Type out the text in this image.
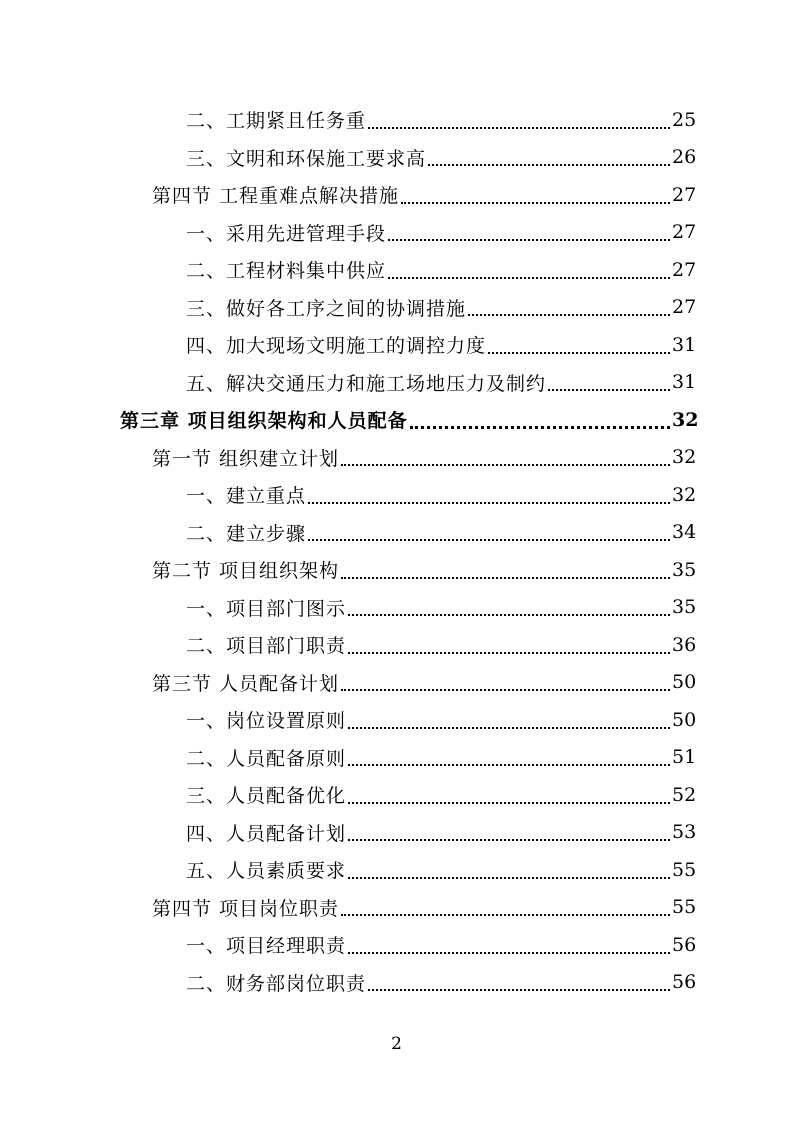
二、工期紧且任务重	25
三、文明和环保施工要求高	26
第四节 工程重难点解决措施	27
一、采用先进管理手段	27
二、工程材料集中供应	27
三、做好各工序之间的协调措施	27
四、加大现场文明施工的调控力度	31
五、解决交通压力和施工场地压力及制约	31
第三章 项目组织架构和人员配备	32
第一节 组织建立计划	32
一、建立重点	32
二、建立步骤	34
第二节 项目组织架构	35
一、项目部门图示	35
二、项目部门职责	36
第三节 人员配备计划	50
一、岗位设置原则	50
二、人员配备原则	51
三、人员配备优化	52
四、人员配备计划	53
五、人员素质要求	55
第四节 项目岗位职责	55
一、项目经理职责	56
二、财务部岗位职责	56
2
